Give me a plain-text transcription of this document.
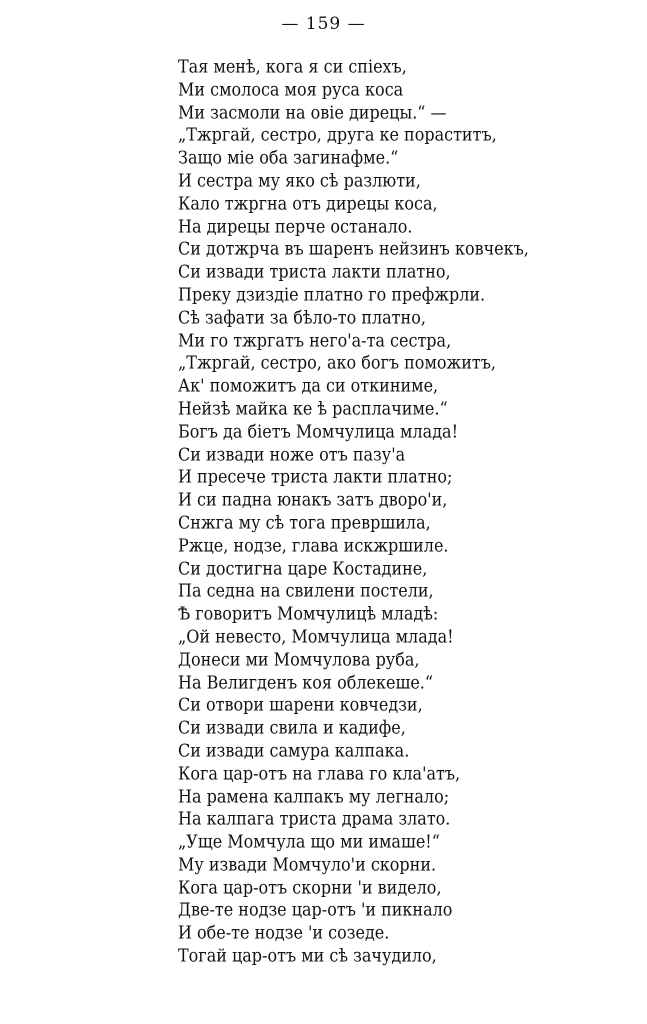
— 159 —
Тая менѣ, кога я си спіехъ,
Ми смолоса моя руса коса
Ми засмоли на овіе дирецы.“ —
„Тжргай, сестро, друга ке пораститъ,
Защо міе оба загинафме.“
И сестра му яко сѣ разлюти,
Кало тжргна отъ дирецы коса,
На дирецы перче останало.
Си дотжрча въ шаренъ нейзинъ ковчекъ,
Си извади триста лакти платно,
Преку дзиздіе платно го префжрли.
Сѣ зафати за бѣло-то платно,
Ми го тжргатъ него'а-та сестра,
„Тжргай, сестро, ако богъ поможитъ,
Ак' поможитъ да си откиниме,
Нейзѣ майка ке ѣ расплачиме.“
Богъ да біетъ Момчулица млада!
Си извади ноже отъ пазу'а
И пресече триста лакти платно;
И си падна юнакъ затъ дворо'и,
Снжга му сѣ тога превршила,
Ржце, нодзе, глава искжршиле.
Си достигна царе Костадине,
Па седна на свилени постели,
Ѣ говоритъ Момчулицѣ младѣ:
„Ой невесто, Момчулица млада!
Донеси ми Момчулова руба,
На Велигденъ коя облекеше.“
Си отвори шарени ковчедзи,
Си извади свила и кадифе,
Си извади самура калпака.
Кога цар-отъ на глава го кла'атъ,
На рамена калпакъ му легнало;
На калпага триста драма злато.
„Уще Момчула що ми имаше!“
Му извади Момчуло'и скорни.
Кога цар-отъ скорни 'и видело,
Две-те нодзе цар-отъ 'и пикнало
И обе-те нодзе 'и созеде.
Тогай цар-отъ ми сѣ зачудило,
